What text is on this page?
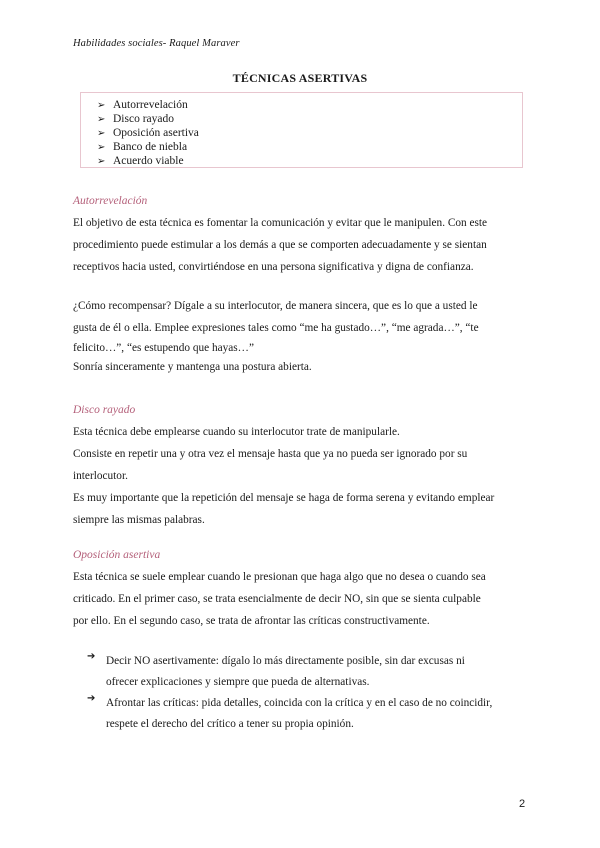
Habilidades sociales- Raquel Maraver
TÉCNICAS ASERTIVAS
➢ Autorrevelación
➢ Disco rayado
➢ Oposición asertiva
➢ Banco de niebla
➢ Acuerdo viable
Autorrevelación

El objetivo de esta técnica es fomentar la comunicación y evitar que le manipulen. Con este

procedimiento puede estimular a los demás a que se comporten adecuadamente y se sientan

receptivos hacia usted, convirtiéndose en una persona significativa y digna de confianza.

¿Cómo recompensar? Dígale a su interlocutor, de manera sincera, que es lo que a usted le

gusta de él o ella. Emplee expresiones tales como “me ha gustado…”, “me agrada…”, “te

felicito…”, “es estupendo que hayas…”

Sonría sinceramente y mantenga una postura abierta.

Disco rayado

Esta técnica debe emplearse cuando su interlocutor trate de manipularle.

Consiste en repetir una y otra vez el mensaje hasta que ya no pueda ser ignorado por su

interlocutor.

Es muy importante que la repetición del mensaje se haga de forma serena y evitando emplear

siempre las mismas palabras.

Oposición asertiva

Esta técnica se suele emplear cuando le presionan que haga algo que no desea o cuando sea

criticado. En el primer caso, se trata esencialmente de decir NO, sin que se sienta culpable

por ello. En el segundo caso, se trata de afrontar las críticas constructivamente.

➔ Decir NO asertivamente: dígalo lo más directamente posible, sin dar excusas ni
ofrecer explicaciones y siempre que pueda de alternativas.
➔ Afrontar las críticas: pida detalles, coincida con la crítica y en el caso de no coincidir,
respete el derecho del crítico a tener su propia opinión.
2
